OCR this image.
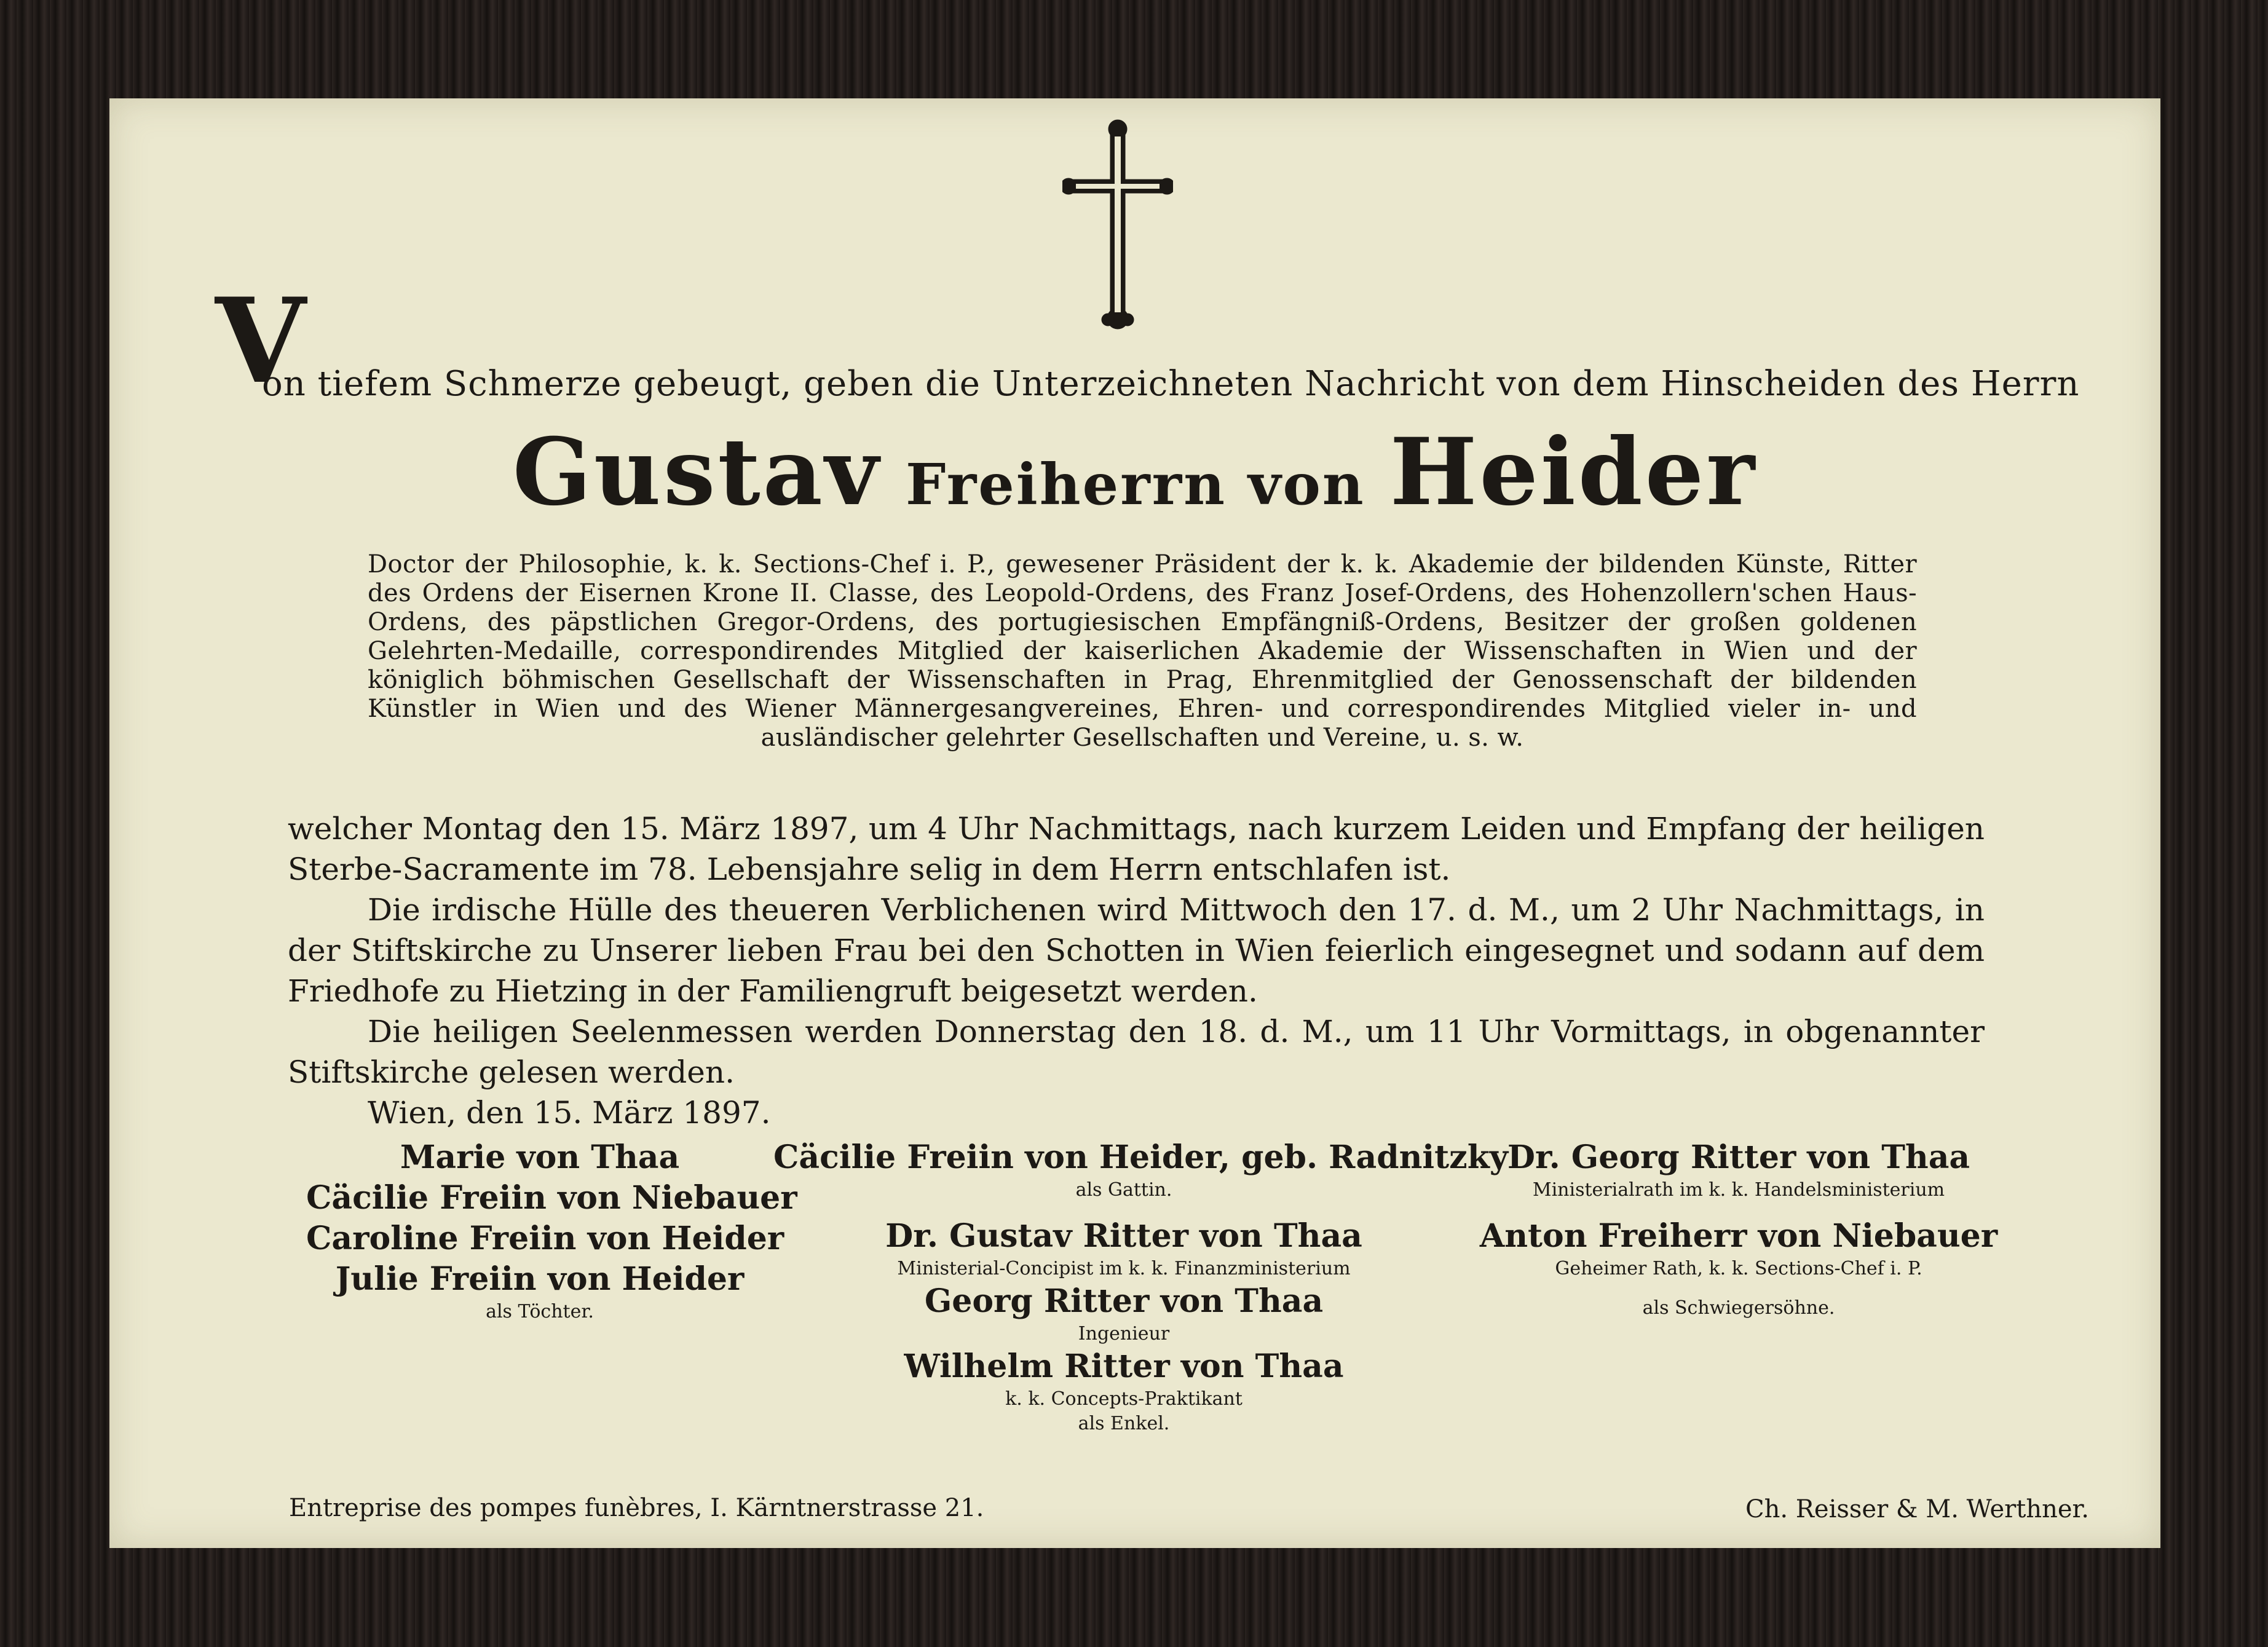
V
on tiefem Schmerze gebeugt, geben die Unterzeichneten Nachricht von dem Hinscheiden des Herrn
Gustav Freiherrn von Heider
Doctor der Philosophie, k. k. Sections-Chef i. P., gewesener Präsident der k. k. Akademie der bildenden Künste, Ritter des Ordens der Eisernen Krone II. Classe, des Leopold-Ordens, des Franz Josef-Ordens, des Hohenzollern'schen Haus-Ordens, des päpstlichen Gregor-Ordens, des portugiesischen Empfängniß-Ordens, Besitzer der großen goldenen Gelehrten-Medaille, correspondirendes Mitglied der kaiserlichen Akademie der Wissenschaften in Wien und der königlich böhmischen Gesellschaft der Wissenschaften in Prag, Ehrenmitglied der Genossenschaft der bildenden Künstler in Wien und des Wiener Männergesangvereines, Ehren- und correspondirendes Mitglied vieler in- und ausländischer gelehrter Gesellschaften und Vereine, u. s. w.

welcher Montag den 15. März 1897, um 4 Uhr Nachmittags, nach kurzem Leiden und Empfang der heiligen Sterbe-Sacramente im 78. Lebensjahre selig in dem Herrn entschlafen ist.

Die irdische Hülle des theueren Verblichenen wird Mittwoch den 17. d. M., um 2 Uhr Nachmittags, in der Stiftskirche zu Unserer lieben Frau bei den Schotten in Wien feierlich eingesegnet und sodann auf dem Friedhofe zu Hietzing in der Familiengruft beigesetzt werden.

Die heiligen Seelenmessen werden Donnerstag den 18. d. M., um 11 Uhr Vormittags, in obgenannter Stiftskirche gelesen werden.

Wien, den 15. März 1897.

Marie von Thaa
Cäcilie Freiin von Niebauer
Caroline Freiin von Heider
Julie Freiin von Heider
als Töchter.
Cäcilie Freiin von Heider, geb. Radnitzky
als Gattin.
Dr. Gustav Ritter von Thaa
Ministerial-Concipist im k. k. Finanzministerium
Georg Ritter von Thaa
Ingenieur
Wilhelm Ritter von Thaa
k. k. Concepts-Praktikant
als Enkel.
Dr. Georg Ritter von Thaa
Ministerialrath im k. k. Handelsministerium
Anton Freiherr von Niebauer
Geheimer Rath, k. k. Sections-Chef i. P.
als Schwiegersöhne.
Entreprise des pompes funèbres, I. Kärntnerstrasse 21.	Ch. Reisser & M. Werthner.
